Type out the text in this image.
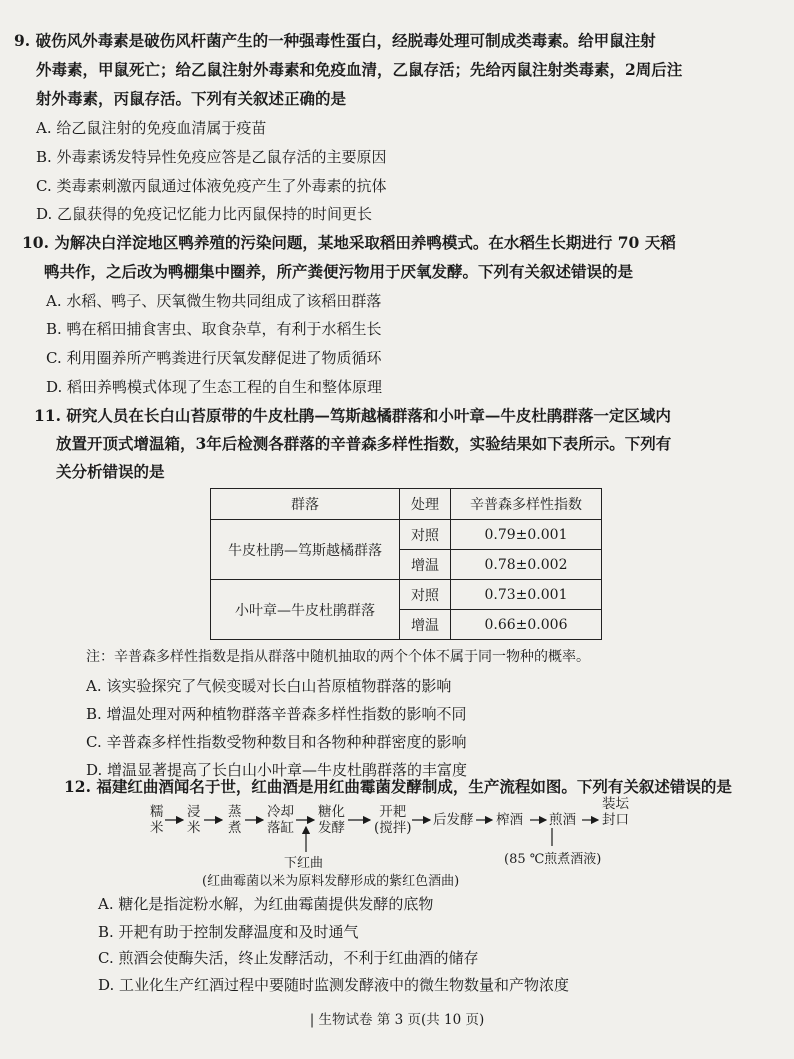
9. 破伤风外毒素是破伤风杆菌产生的一种强毒性蛋白，经脱毒处理可制成类毒素。给甲鼠注射
外毒素，甲鼠死亡；给乙鼠注射外毒素和免疫血清，乙鼠存活；先给丙鼠注射类毒素，2周后注
射外毒素，丙鼠存活。下列有关叙述正确的是
A. 给乙鼠注射的免疫血清属于疫苗
B. 外毒素诱发特异性免疫应答是乙鼠存活的主要原因
C. 类毒素刺激丙鼠通过体液免疫产生了外毒素的抗体
D. 乙鼠获得的免疫记忆能力比丙鼠保持的时间更长
10. 为解决白洋淀地区鸭养殖的污染问题，某地采取稻田养鸭模式。在水稻生长期进行 70 天稻
鸭共作，之后改为鸭棚集中圈养，所产粪便污物用于厌氧发酵。下列有关叙述错误的是
A. 水稻、鸭子、厌氧微生物共同组成了该稻田群落
B. 鸭在稻田捕食害虫、取食杂草，有利于水稻生长
C. 利用圈养所产鸭粪进行厌氧发酵促进了物质循环
D. 稻田养鸭模式体现了生态工程的自生和整体原理
11. 研究人员在长白山苔原带的牛皮杜鹃—笃斯越橘群落和小叶章—牛皮杜鹃群落一定区域内
放置开顶式增温箱，3年后检测各群落的辛普森多样性指数，实验结果如下表所示。下列有
关分析错误的是
群落	处理	辛普森多样性指数
牛皮杜鹃—笃斯越橘群落	对照	0.79±0.001
	增温	0.78±0.002
小叶章—牛皮杜鹃群落	对照	0.73±0.001
	增温	0.66±0.006
注：辛普森多样性指数是指从群落中随机抽取的两个个体不属于同一物种的概率。
A. 该实验探究了气候变暖对长白山苔原植物群落的影响
B. 增温处理对两种植物群落辛普森多样性指数的影响不同
C. 辛普森多样性指数受物种数目和各物种种群密度的影响
D. 增温显著提高了长白山小叶章—牛皮杜鹃群落的丰富度
12. 福建红曲酒闻名于世，红曲酒是用红曲霉菌发酵制成，生产流程如图。下列有关叙述错误的是
糯
米
浸
米
蒸
煮
冷却
落缸
糖化
发酵
开耙
(搅拌) 后发酵 榨酒 煎酒
装坛
封口
下红曲
(红曲霉菌以米为原料发酵形成的紫红色酒曲)
(85 ℃煎煮酒液)
A. 糖化是指淀粉水解，为红曲霉菌提供发酵的底物
B. 开耙有助于控制发酵温度和及时通气
C. 煎酒会使酶失活，终止发酵活动，不利于红曲酒的储存
D. 工业化生产红酒过程中要随时监测发酵液中的微生物数量和产物浓度
| 生物试卷 第 3 页(共 10 页)
